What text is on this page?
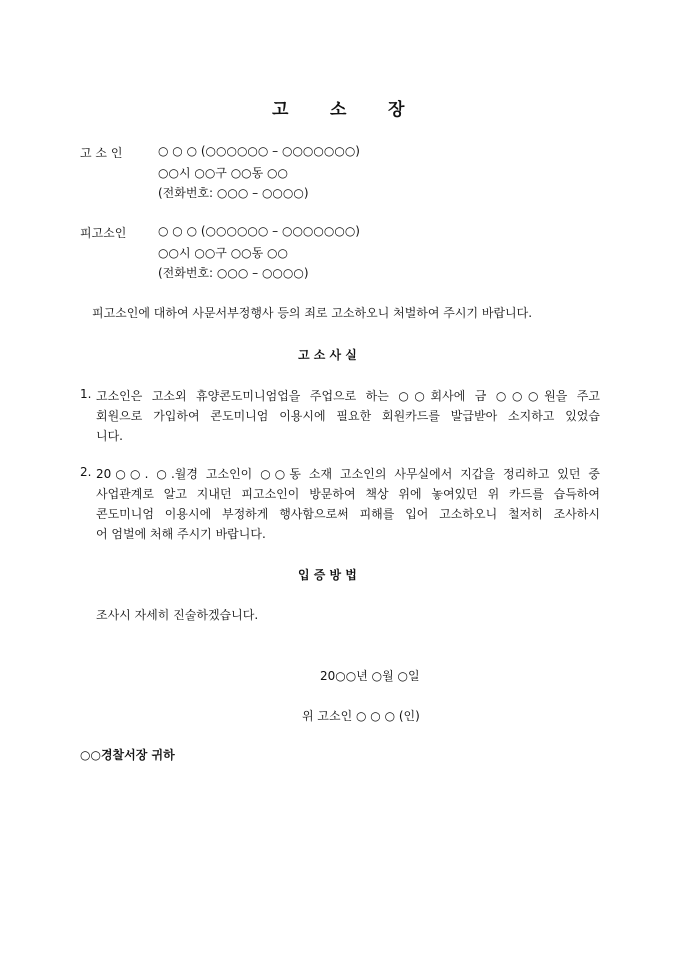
고 소 장
고 소 인	○ ○ ○ (○○○○○○ – ○○○○○○○)
○○시 ○○구 ○○동 ○○
(전화번호: ○○○ – ○○○○)
피고소인	○ ○ ○ (○○○○○○ – ○○○○○○○)
○○시 ○○구 ○○동 ○○
(전화번호: ○○○ – ○○○○)
피고소인에 대하여 사문서부정행사 등의 죄로 고소하오니 처벌하여 주시기 바랍니다.
고 소 사 실
1. 고소인은 고소외 휴양콘도미니엄업을 주업으로 하는 ○○회사에 금 ○○○원을 주고
회원으로 가입하여 콘도미니엄 이용시에 필요한 회원카드를 발급받아 소지하고 있었습
니다.
2. 20○○. ○.월경 고소인이 ○○동 소재 고소인의 사무실에서 지갑을 정리하고 있던 중
사업관계로 알고 지내던 피고소인이 방문하여 책상 위에 놓여있던 위 카드를 습득하여
콘도미니엄 이용시에 부정하게 행사함으로써 피해를 입어 고소하오니 철저히 조사하시
어 엄벌에 처해 주시기 바랍니다.
입 증 방 법
조사시 자세히 진술하겠습니다.
20○○년 ○월 ○일
위 고소인 ○ ○ ○ (인)
○○경찰서장 귀하
